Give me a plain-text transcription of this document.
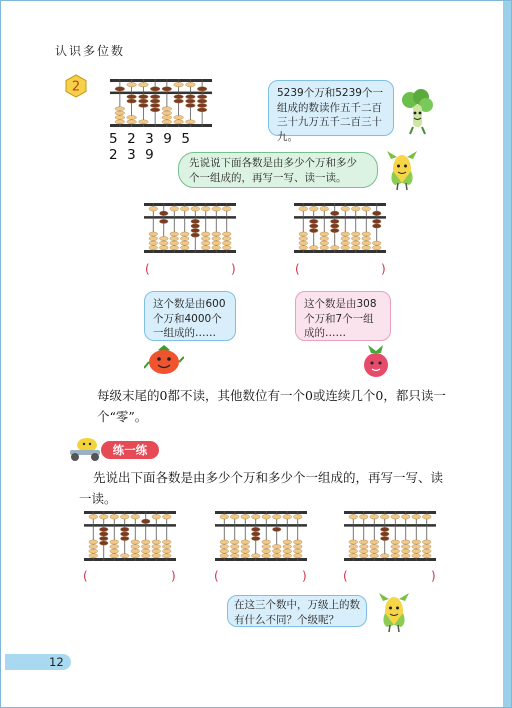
认识多位数
2
5 2 3 9 5 2 3 9
5239个万和5239个一组成的数读作五千二百三十九万五千二百三十九。
先说说下面各数是由多少个万和多少个一组成的，再写一写、读一读。
(	)	(	)
这个数是由600个万和4000个一组成的……
这个数是由308个万和7个一组成的……
每级末尾的0都不读，其他数位有一个0或连续几个0，都只读一个“零”。
练一练
先说出下面各数是由多少个万和多少个一组成的，再写一写、读一读。
(	)	(	)	(	)
在这三个数中，万级上的数有什么不同？个级呢？
12
